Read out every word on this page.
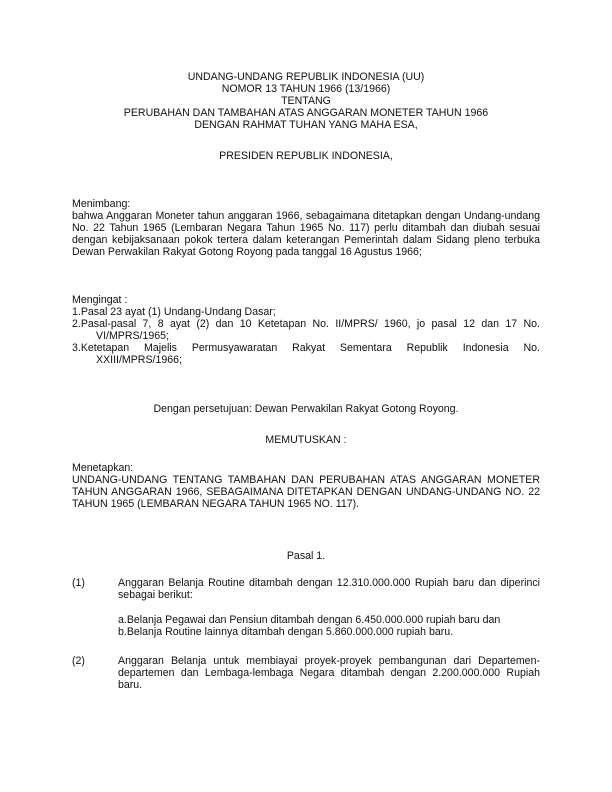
UNDANG-UNDANG REPUBLIK INDONESIA (UU)

NOMOR 13 TAHUN 1966 (13/1966)

TENTANG

PERUBAHAN DAN TAMBAHAN ATAS ANGGARAN MONETER TAHUN 1966

DENGAN RAHMAT TUHAN YANG MAHA ESA,

PRESIDEN REPUBLIK INDONESIA,

Menimbang:

bahwa Anggaran Moneter tahun anggaran 1966, sebagaimana ditetapkan dengan Undang-undang No. 22 Tahun 1965 (Lembaran Negara Tahun 1965 No. 117) perlu ditambah dan diubah sesuai dengan kebijaksanaan pokok tertera dalam keterangan Pemerintah dalam Sidang pleno terbuka Dewan Perwakilan Rakyat Gotong Royong pada tanggal 16 Agustus 1966;

Mengingat :

1.Pasal 23 ayat (1) Undang-Undang Dasar;

2.Pasal-pasal 7, 8 ayat (2) dan 10 Ketetapan No. II/MPRS/ 1960, jo pasal 12 dan 17 No. VI/MPRS/1965;

3.Ketetapan Majelis Permusyawaratan Rakyat Sementara Republik Indonesia No. XXIII/MPRS/1966;

Dengan persetujuan: Dewan Perwakilan Rakyat Gotong Royong.
MEMUTUSKAN :

Menetapkan:

UNDANG-UNDANG TENTANG TAMBAHAN DAN PERUBAHAN ATAS ANGGARAN MONETER TAHUN ANGGARAN 1966, SEBAGAIMANA DITETAPKAN DENGAN UNDANG-UNDANG NO. 22 TAHUN 1965 (LEMBARAN NEGARA TAHUN 1965 NO. 117).

Pasal 1.
(1)	Anggaran Belanja Routine ditambah dengan 12.310.000.000 Rupiah baru dan diperinci sebagai berikut:

a.Belanja Pegawai dan Pensiun ditambah dengan 6.450.000.000 rupiah baru dan

b.Belanja Routine lainnya ditambah dengan 5.860.000.000 rupiah baru.

(2)	Anggaran Belanja untuk membiayai proyek-proyek pembangunan dari Departemen-departemen dan Lembaga-lembaga Negara ditambah dengan 2.200.000.000 Rupiah baru.
